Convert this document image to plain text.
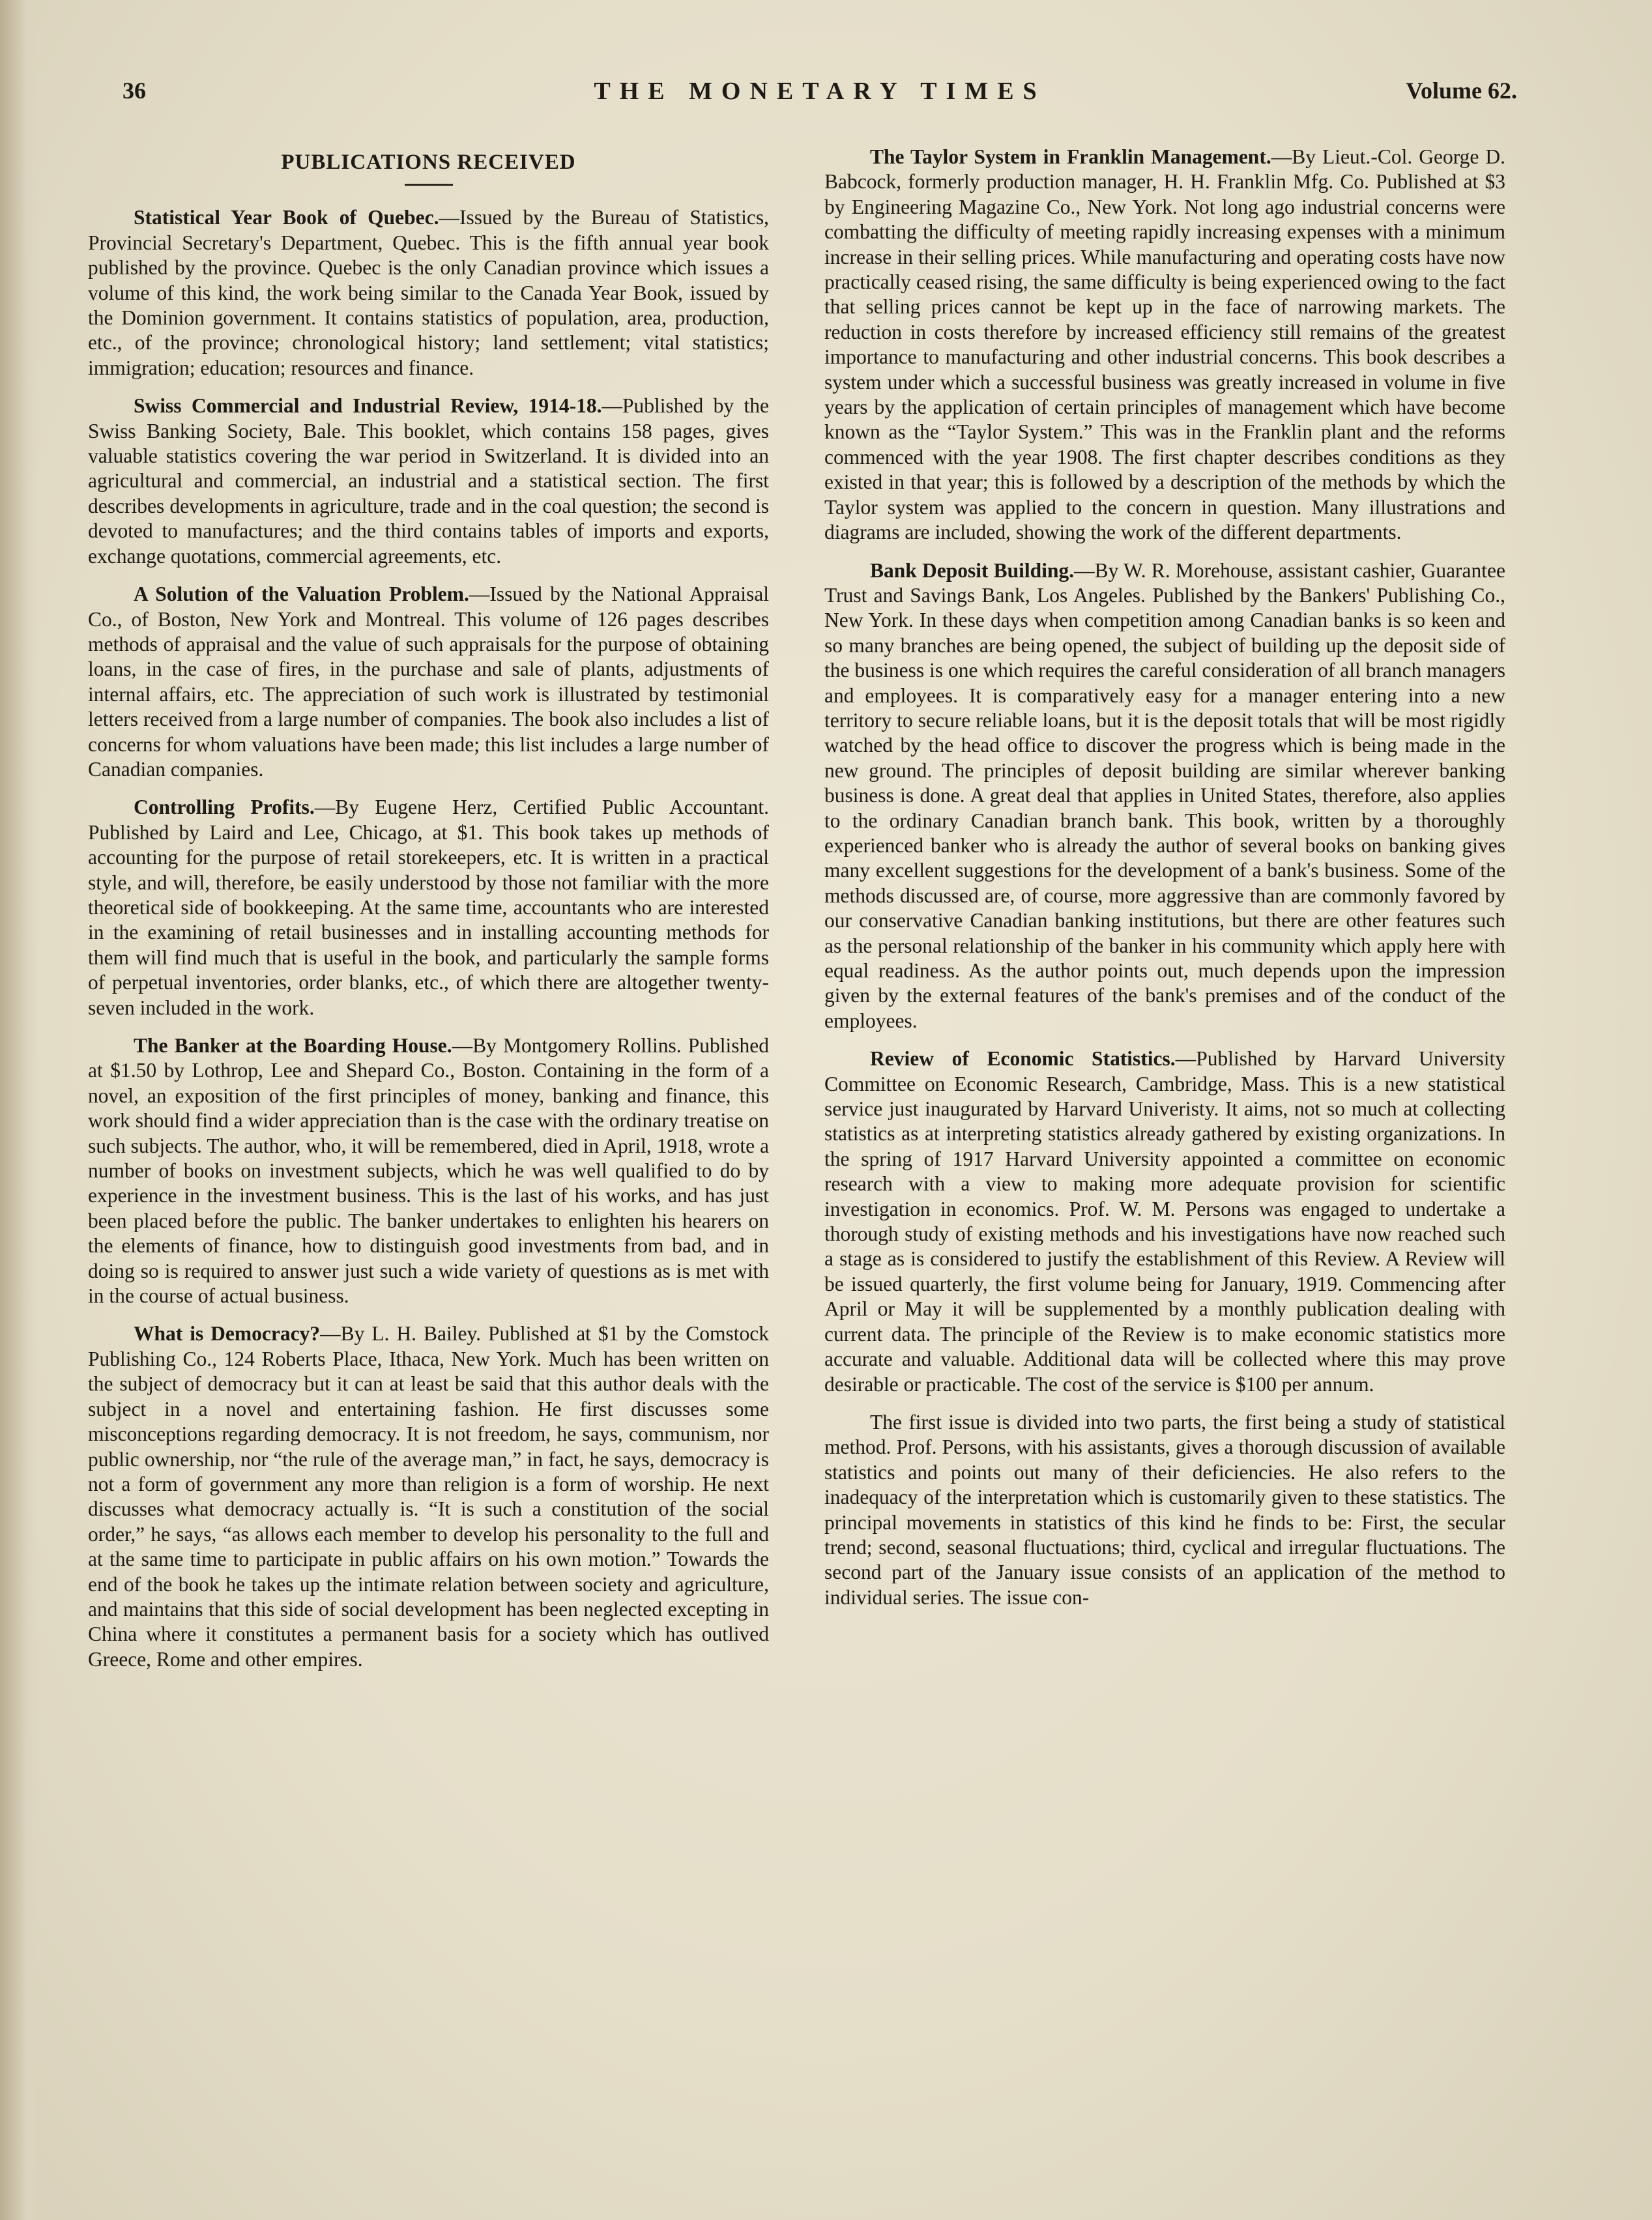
36	THE MONETARY TIMES	Volume 62.
PUBLICATIONS RECEIVED

Statistical Year Book of Quebec.—Issued by the Bureau of Statistics, Provincial Secretary's Department, Quebec. This is the fifth annual year book published by the province. Quebec is the only Canadian province which issues a volume of this kind, the work being similar to the Canada Year Book, issued by the Dominion government. It contains statistics of population, area, production, etc., of the province; chronological history; land settlement; vital statistics; immigration; education; resources and finance.

Swiss Commercial and Industrial Review, 1914-18.—Published by the Swiss Banking Society, Bale. This booklet, which contains 158 pages, gives valuable statistics covering the war period in Switzerland. It is divided into an agricultural and commercial, an industrial and a statistical section. The first describes developments in agriculture, trade and in the coal question; the second is devoted to manufactures; and the third contains tables of imports and exports, exchange quotations, commercial agreements, etc.

A Solution of the Valuation Problem.—Issued by the National Appraisal Co., of Boston, New York and Montreal. This volume of 126 pages describes methods of appraisal and the value of such appraisals for the purpose of obtaining loans, in the case of fires, in the purchase and sale of plants, adjustments of internal affairs, etc. The appreciation of such work is illustrated by testimonial letters received from a large number of companies. The book also includes a list of concerns for whom valuations have been made; this list includes a large number of Canadian companies.

Controlling Profits.—By Eugene Herz, Certified Public Accountant. Published by Laird and Lee, Chicago, at $1. This book takes up methods of accounting for the purpose of retail storekeepers, etc. It is written in a practical style, and will, therefore, be easily understood by those not familiar with the more theoretical side of bookkeeping. At the same time, accountants who are interested in the examining of retail businesses and in installing accounting methods for them will find much that is useful in the book, and particularly the sample forms of perpetual inventories, order blanks, etc., of which there are altogether twenty-seven included in the work.

The Banker at the Boarding House.—By Montgomery Rollins. Published at $1.50 by Lothrop, Lee and Shepard Co., Boston. Containing in the form of a novel, an exposition of the first principles of money, banking and finance, this work should find a wider appreciation than is the case with the ordinary treatise on such subjects. The author, who, it will be remembered, died in April, 1918, wrote a number of books on investment subjects, which he was well qualified to do by experience in the investment business. This is the last of his works, and has just been placed before the public. The banker undertakes to enlighten his hearers on the elements of finance, how to distinguish good investments from bad, and in doing so is required to answer just such a wide variety of questions as is met with in the course of actual business.

What is Democracy?—By L. H. Bailey. Published at $1 by the Comstock Publishing Co., 124 Roberts Place, Ithaca, New York. Much has been written on the subject of democracy but it can at least be said that this author deals with the subject in a novel and entertaining fashion. He first discusses some misconceptions regarding democracy. It is not freedom, he says, communism, nor public ownership, nor “the rule of the average man,” in fact, he says, democracy is not a form of government any more than religion is a form of worship. He next discusses what democracy actually is. “It is such a constitution of the social order,” he says, “as allows each member to develop his personality to the full and at the same time to participate in public affairs on his own motion.” Towards the end of the book he takes up the intimate relation between society and agriculture, and maintains that this side of social development has been neglected excepting in China where it constitutes a permanent basis for a society which has outlived Greece, Rome and other empires.

The Taylor System in Franklin Management.—By Lieut.-Col. George D. Babcock, formerly production manager, H. H. Franklin Mfg. Co. Published at $3 by Engineering Magazine Co., New York. Not long ago industrial concerns were combatting the difficulty of meeting rapidly increasing expenses with a minimum increase in their selling prices. While manufacturing and operating costs have now practically ceased rising, the same difficulty is being experienced owing to the fact that selling prices cannot be kept up in the face of narrowing markets. The reduction in costs therefore by increased efficiency still remains of the greatest importance to manufacturing and other industrial concerns. This book describes a system under which a successful business was greatly increased in volume in five years by the application of certain principles of management which have become known as the “Taylor System.” This was in the Franklin plant and the reforms commenced with the year 1908. The first chapter describes conditions as they existed in that year; this is followed by a description of the methods by which the Taylor system was applied to the concern in question. Many illustrations and diagrams are included, showing the work of the different departments.

Bank Deposit Building.—By W. R. Morehouse, assistant cashier, Guarantee Trust and Savings Bank, Los Angeles. Published by the Bankers' Publishing Co., New York. In these days when competition among Canadian banks is so keen and so many branches are being opened, the subject of building up the deposit side of the business is one which requires the careful consideration of all branch managers and employees. It is comparatively easy for a manager entering into a new territory to secure reliable loans, but it is the deposit totals that will be most rigidly watched by the head office to discover the progress which is being made in the new ground. The principles of deposit building are similar wherever banking business is done. A great deal that applies in United States, therefore, also applies to the ordinary Canadian branch bank. This book, written by a thoroughly experienced banker who is already the author of several books on banking gives many excellent suggestions for the development of a bank's business. Some of the methods discussed are, of course, more aggressive than are commonly favored by our conservative Canadian banking institutions, but there are other features such as the personal relationship of the banker in his community which apply here with equal readiness. As the author points out, much depends upon the impression given by the external features of the bank's premises and of the conduct of the employees.

Review of Economic Statistics.—Published by Harvard University Committee on Economic Research, Cambridge, Mass. This is a new statistical service just inaugurated by Harvard Univeristy. It aims, not so much at collecting statistics as at interpreting statistics already gathered by existing organizations. In the spring of 1917 Harvard University appointed a committee on economic research with a view to making more adequate provision for scientific investigation in economics. Prof. W. M. Persons was engaged to undertake a thorough study of existing methods and his investigations have now reached such a stage as is considered to justify the establishment of this Review. A Review will be issued quarterly, the first volume being for January, 1919. Commencing after April or May it will be supplemented by a monthly publication dealing with current data. The principle of the Review is to make economic statistics more accurate and valuable. Additional data will be collected where this may prove desirable or practicable. The cost of the service is $100 per annum.

The first issue is divided into two parts, the first being a study of statistical method. Prof. Persons, with his assistants, gives a thorough discussion of available statistics and points out many of their deficiencies. He also refers to the inadequacy of the interpretation which is customarily given to these statistics. The principal movements in statistics of this kind he finds to be: First, the secular trend; second, seasonal fluctuations; third, cyclical and irregular fluctuations. The second part of the January issue consists of an application of the method to individual series. The issue con-
